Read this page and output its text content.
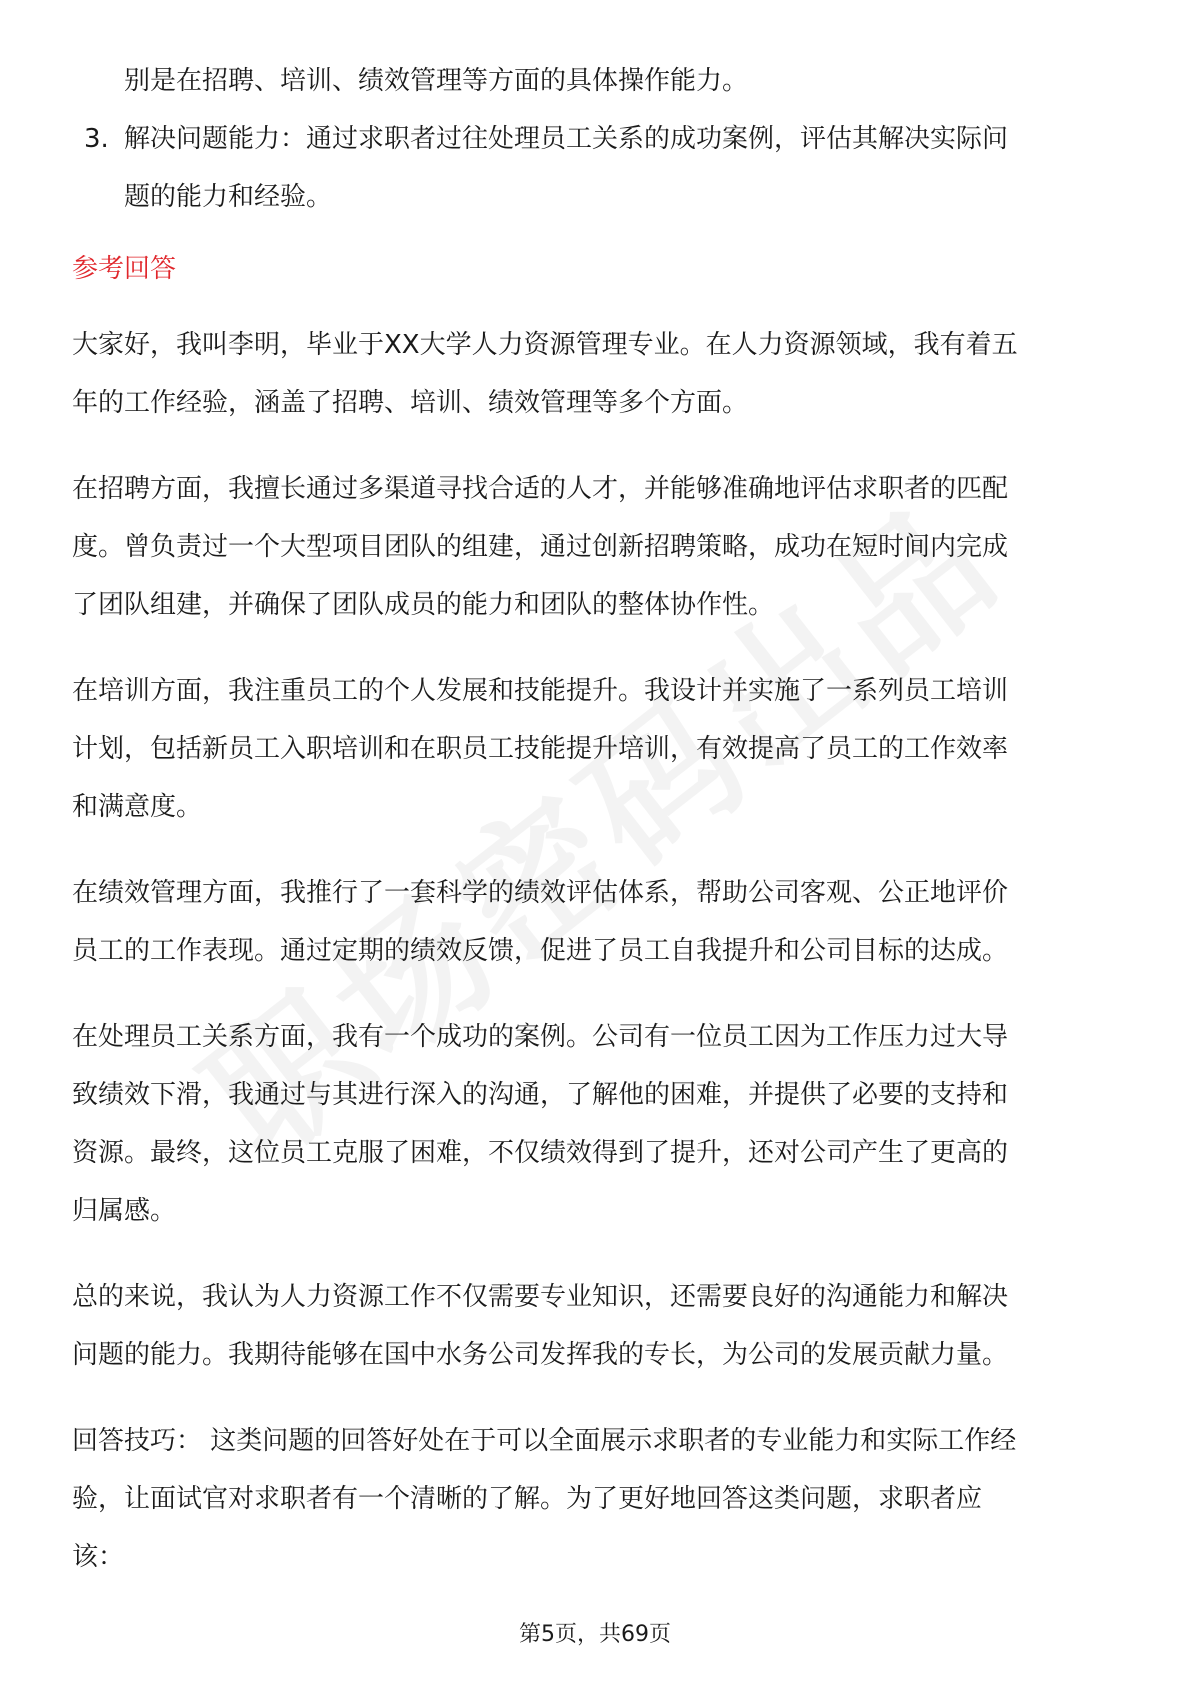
别是在招聘、培训、绩效管理等方面的具体操作能力。
3. 解决问题能力：通过求职者过往处理员工关系的成功案例，评估其解决实际问
题的能力和经验。
参考回答
大家好，我叫李明，毕业于XX大学人力资源管理专业。在人力资源领域，我有着五
年的工作经验，涵盖了招聘、培训、绩效管理等多个方面。
在招聘方面，我擅长通过多渠道寻找合适的人才，并能够准确地评估求职者的匹配
度。曾负责过一个大型项目团队的组建，通过创新招聘策略，成功在短时间内完成
了团队组建，并确保了团队成员的能力和团队的整体协作性。
在培训方面，我注重员工的个人发展和技能提升。我设计并实施了一系列员工培训
计划，包括新员工入职培训和在职员工技能提升培训，有效提高了员工的工作效率
和满意度。
在绩效管理方面，我推行了一套科学的绩效评估体系，帮助公司客观、公正地评价
员工的工作表现。通过定期的绩效反馈，促进了员工自我提升和公司目标的达成。
在处理员工关系方面，我有一个成功的案例。公司有一位员工因为工作压力过大导
致绩效下滑，我通过与其进行深入的沟通，了解他的困难，并提供了必要的支持和
资源。最终，这位员工克服了困难，不仅绩效得到了提升，还对公司产生了更高的
归属感。
总的来说，我认为人力资源工作不仅需要专业知识，还需要良好的沟通能力和解决
问题的能力。我期待能够在国中水务公司发挥我的专长，为公司的发展贡献力量。
回答技巧： 这类问题的回答好处在于可以全面展示求职者的专业能力和实际工作经
验，让面试官对求职者有一个清晰的了解。为了更好地回答这类问题，求职者应
该：
第5页，共69页
